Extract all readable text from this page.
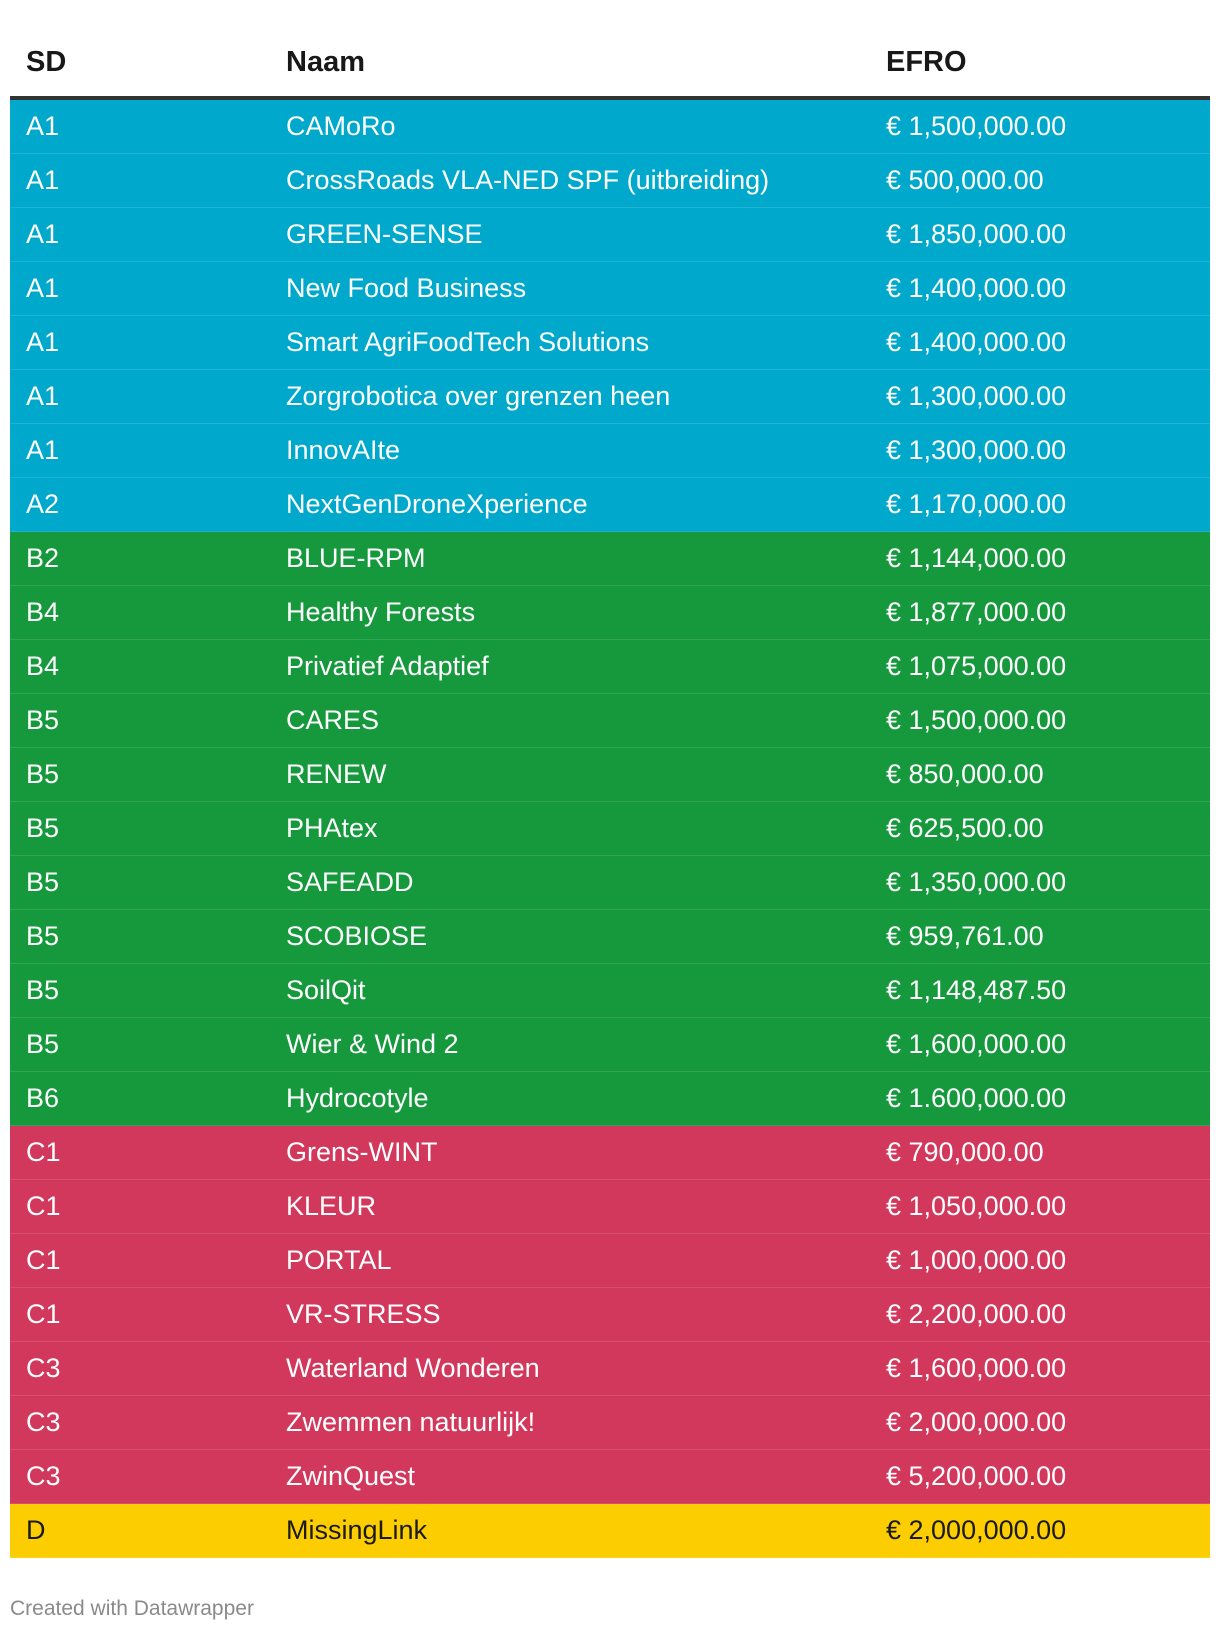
SD	Naam	EFRO
A1	CAMoRo	€ 1,500,000.00
A1	CrossRoads VLA-NED SPF (uitbreiding)	€ 500,000.00
A1	GREEN-SENSE	€ 1,850,000.00
A1	New Food Business	€ 1,400,000.00
A1	Smart AgriFoodTech Solutions	€ 1,400,000.00
A1	Zorgrobotica over grenzen heen	€ 1,300,000.00
A1	InnovAIte	€ 1,300,000.00
A2	NextGenDroneXperience	€ 1,170,000.00
B2	BLUE-RPM	€ 1,144,000.00
B4	Healthy Forests	€ 1,877,000.00
B4	Privatief Adaptief	€ 1,075,000.00
B5	CARES	€ 1,500,000.00
B5	RENEW	€ 850,000.00
B5	PHAtex	€ 625,500.00
B5	SAFEADD	€ 1,350,000.00
B5	SCOBIOSE	€ 959,761.00
B5	SoilQit	€ 1,148,487.50
B5	Wier & Wind 2	€ 1,600,000.00
B6	Hydrocotyle	€ 1.600,000.00
C1	Grens-WINT	€ 790,000.00
C1	KLEUR	€ 1,050,000.00
C1	PORTAL	€ 1,000,000.00
C1	VR-STRESS	€ 2,200,000.00
C3	Waterland Wonderen	€ 1,600,000.00
C3	Zwemmen natuurlijk!	€ 2,000,000.00
C3	ZwinQuest	€ 5,200,000.00
D	MissingLink	€ 2,000,000.00
Created with Datawrapper
